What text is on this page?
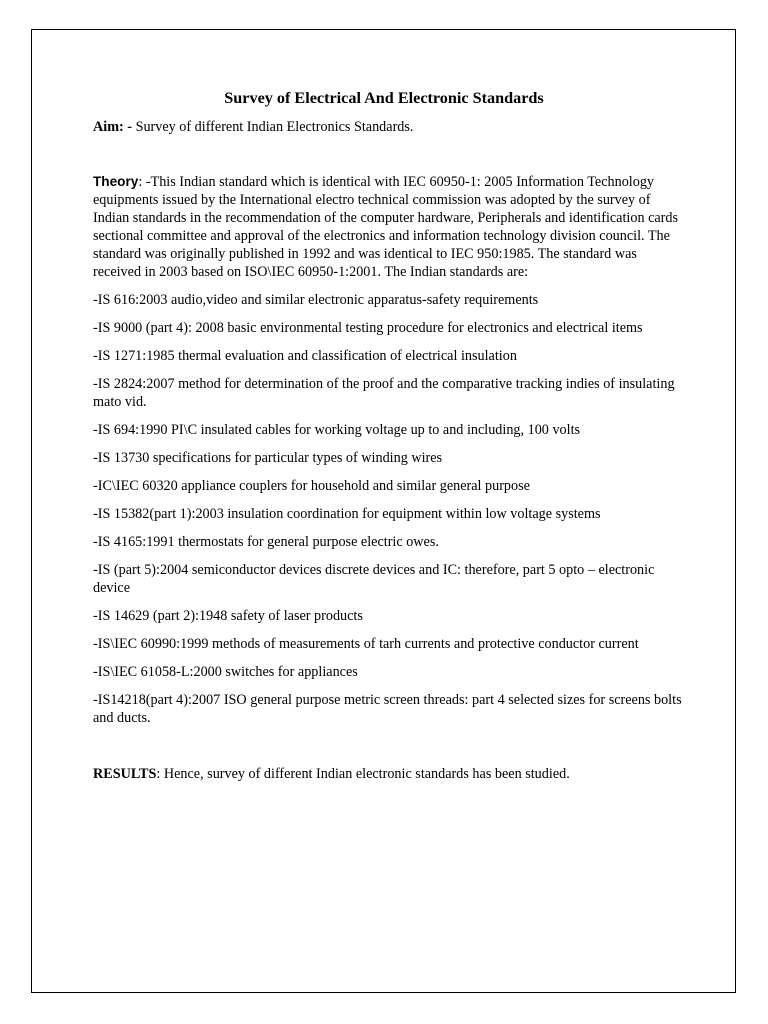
Survey of Electrical And Electronic Standards

Aim: - Survey of different Indian Electronics Standards.

Theory: -This Indian standard which is identical with IEC 60950-1: 2005 Information Technology equipments issued by the International electro technical commission was adopted by the survey of Indian standards in the recommendation of the computer hardware, Peripherals and identification cards sectional committee and approval of the electronics and information technology division council. The standard was originally published in 1992 and was identical to IEC 950:1985. The standard was received in 2003 based on ISO\IEC 60950-1:2001. The Indian standards are:

-IS 616:2003 audio,video and similar electronic apparatus-safety requirements
-IS 9000 (part 4): 2008 basic environmental testing procedure for electronics and electrical items
-IS 1271:1985 thermal evaluation and classification of electrical insulation
-IS 2824:2007 method for determination of the proof and the comparative tracking indies of insulating mato vid.
-IS 694:1990 PI\C insulated cables for working voltage up to and including, 100 volts
-IS 13730 specifications for particular types of winding wires
-IC\IEC 60320 appliance couplers for household and similar general purpose
-IS 15382(part 1):2003 insulation coordination for equipment within low voltage systems
-IS 4165:1991 thermostats for general purpose electric owes.
-IS (part 5):2004 semiconductor devices discrete devices and IC: therefore, part 5 opto – electronic device
-IS 14629 (part 2):1948 safety of laser products
-IS\IEC 60990:1999 methods of measurements of tarh currents and protective conductor current
-IS\IEC 61058-L:2000 switches for appliances
-IS14218(part 4):2007 ISO general purpose metric screen threads: part 4 selected sizes for screens bolts and ducts.

RESULTS: Hence, survey of different Indian electronic standards has been studied.
